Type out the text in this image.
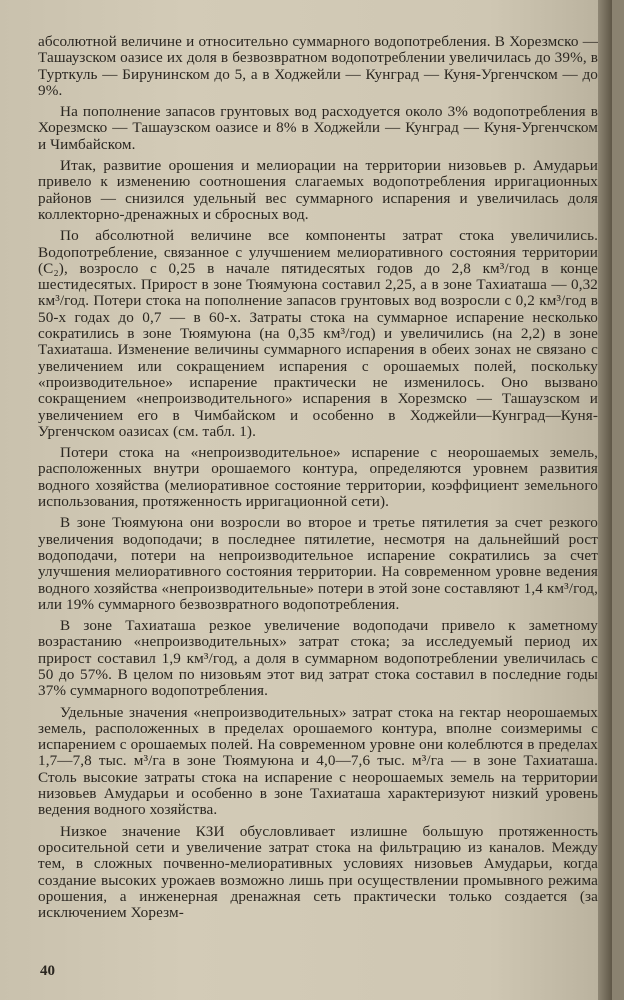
абсолютной величине и относительно суммарного водопотребления. В Хорезмско — Ташаузском оазисе их доля в безвозвратном водопотреблении увеличилась до 39%, в Турткуль — Бирунинском до 5, а в Ходжейли — Кунград — Куня-Ургенчском — до 9%.

На пополнение запасов грунтовых вод расходуется около 3% водопотребления в Хорезмско — Ташаузском оазисе и 8% в Ходжейли — Кунград — Куня-Ургенчском и Чимбайском.

Итак, развитие орошения и мелиорации на территории низовьев р. Амударьи привело к изменению соотношения слагаемых водопотребления ирригационных районов — снизился удельный вес суммарного испарения и увеличилась доля коллекторно-дренажных и сбросных вод.

По абсолютной величине все компоненты затрат стока увеличились. Водопотребление, связанное с улучшением мелиоративного состояния территории (C₂), возросло с 0,25 в начале пятидесятых годов до 2,8 км³/год в конце шестидесятых. Прирост в зоне Тюямуюна составил 2,25, а в зоне Тахиаташа — 0,32 км³/год. Потери стока на пополнение запасов грунтовых вод возросли с 0,2 км³/год в 50-х годах до 0,7 — в 60-х. Затраты стока на суммарное испарение несколько сократились в зоне Тюямуюна (на 0,35 км³/год) и увеличились (на 2,2) в зоне Тахиаташа. Изменение величины суммарного испарения в обеих зонах не связано с увеличением или сокращением испарения с орошаемых полей, поскольку «производительное» испарение практически не изменилось. Оно вызвано сокращением «непроизводительного» испарения в Хорезмско — Ташаузском и увеличением его в Чимбайском и особенно в Ходжейли—Кунград—Куня-Ургенчском оазисах (см. табл. 1).

Потери стока на «непроизводительное» испарение с неорошаемых земель, расположенных внутри орошаемого контура, определяются уровнем развития водного хозяйства (мелиоративное состояние территории, коэффициент земельного использования, протяженность ирригационной сети).

В зоне Тюямуюна они возросли во второе и третье пятилетия за счет резкого увеличения водоподачи; в последнее пятилетие, несмотря на дальнейший рост водоподачи, потери на непроизводительное испарение сократились за счет улучшения мелиоративного состояния территории. На современном уровне ведения водного хозяйства «непроизводительные» потери в этой зоне составляют 1,4 км³/год, или 19% суммарного безвозвратного водопотребления.

В зоне Тахиаташа резкое увеличение водоподачи привело к заметному возрастанию «непроизводительных» затрат стока; за исследуемый период их прирост составил 1,9 км³/год, а доля в суммарном водопотреблении увеличилась с 50 до 57%. В целом по низовьям этот вид затрат стока составил в последние годы 37% суммарного водопотребления.

Удельные значения «непроизводительных» затрат стока на гектар неорошаемых земель, расположенных в пределах орошаемого контура, вполне соизмеримы с испарением с орошаемых полей. На современном уровне они колеблются в пределах 1,7—7,8 тыс. м³/га в зоне Тюямуюна и 4,0—7,6 тыс. м³/га — в зоне Тахиаташа. Столь высокие затраты стока на испарение с неорошаемых земель на территории низовьев Амударьи и особенно в зоне Тахиаташа характеризуют низкий уровень ведения водного хозяйства.

Низкое значение КЗИ обусловливает излишне большую протяженность оросительной сети и увеличение затрат стока на фильтрацию из каналов. Между тем, в сложных почвенно-мелиоративных условиях низовьев Амударьи, когда создание высоких урожаев возможно лишь при осуществлении промывного режима орошения, а инженерная дренажная сеть практически только создается (за исключением Хорезм-

40
